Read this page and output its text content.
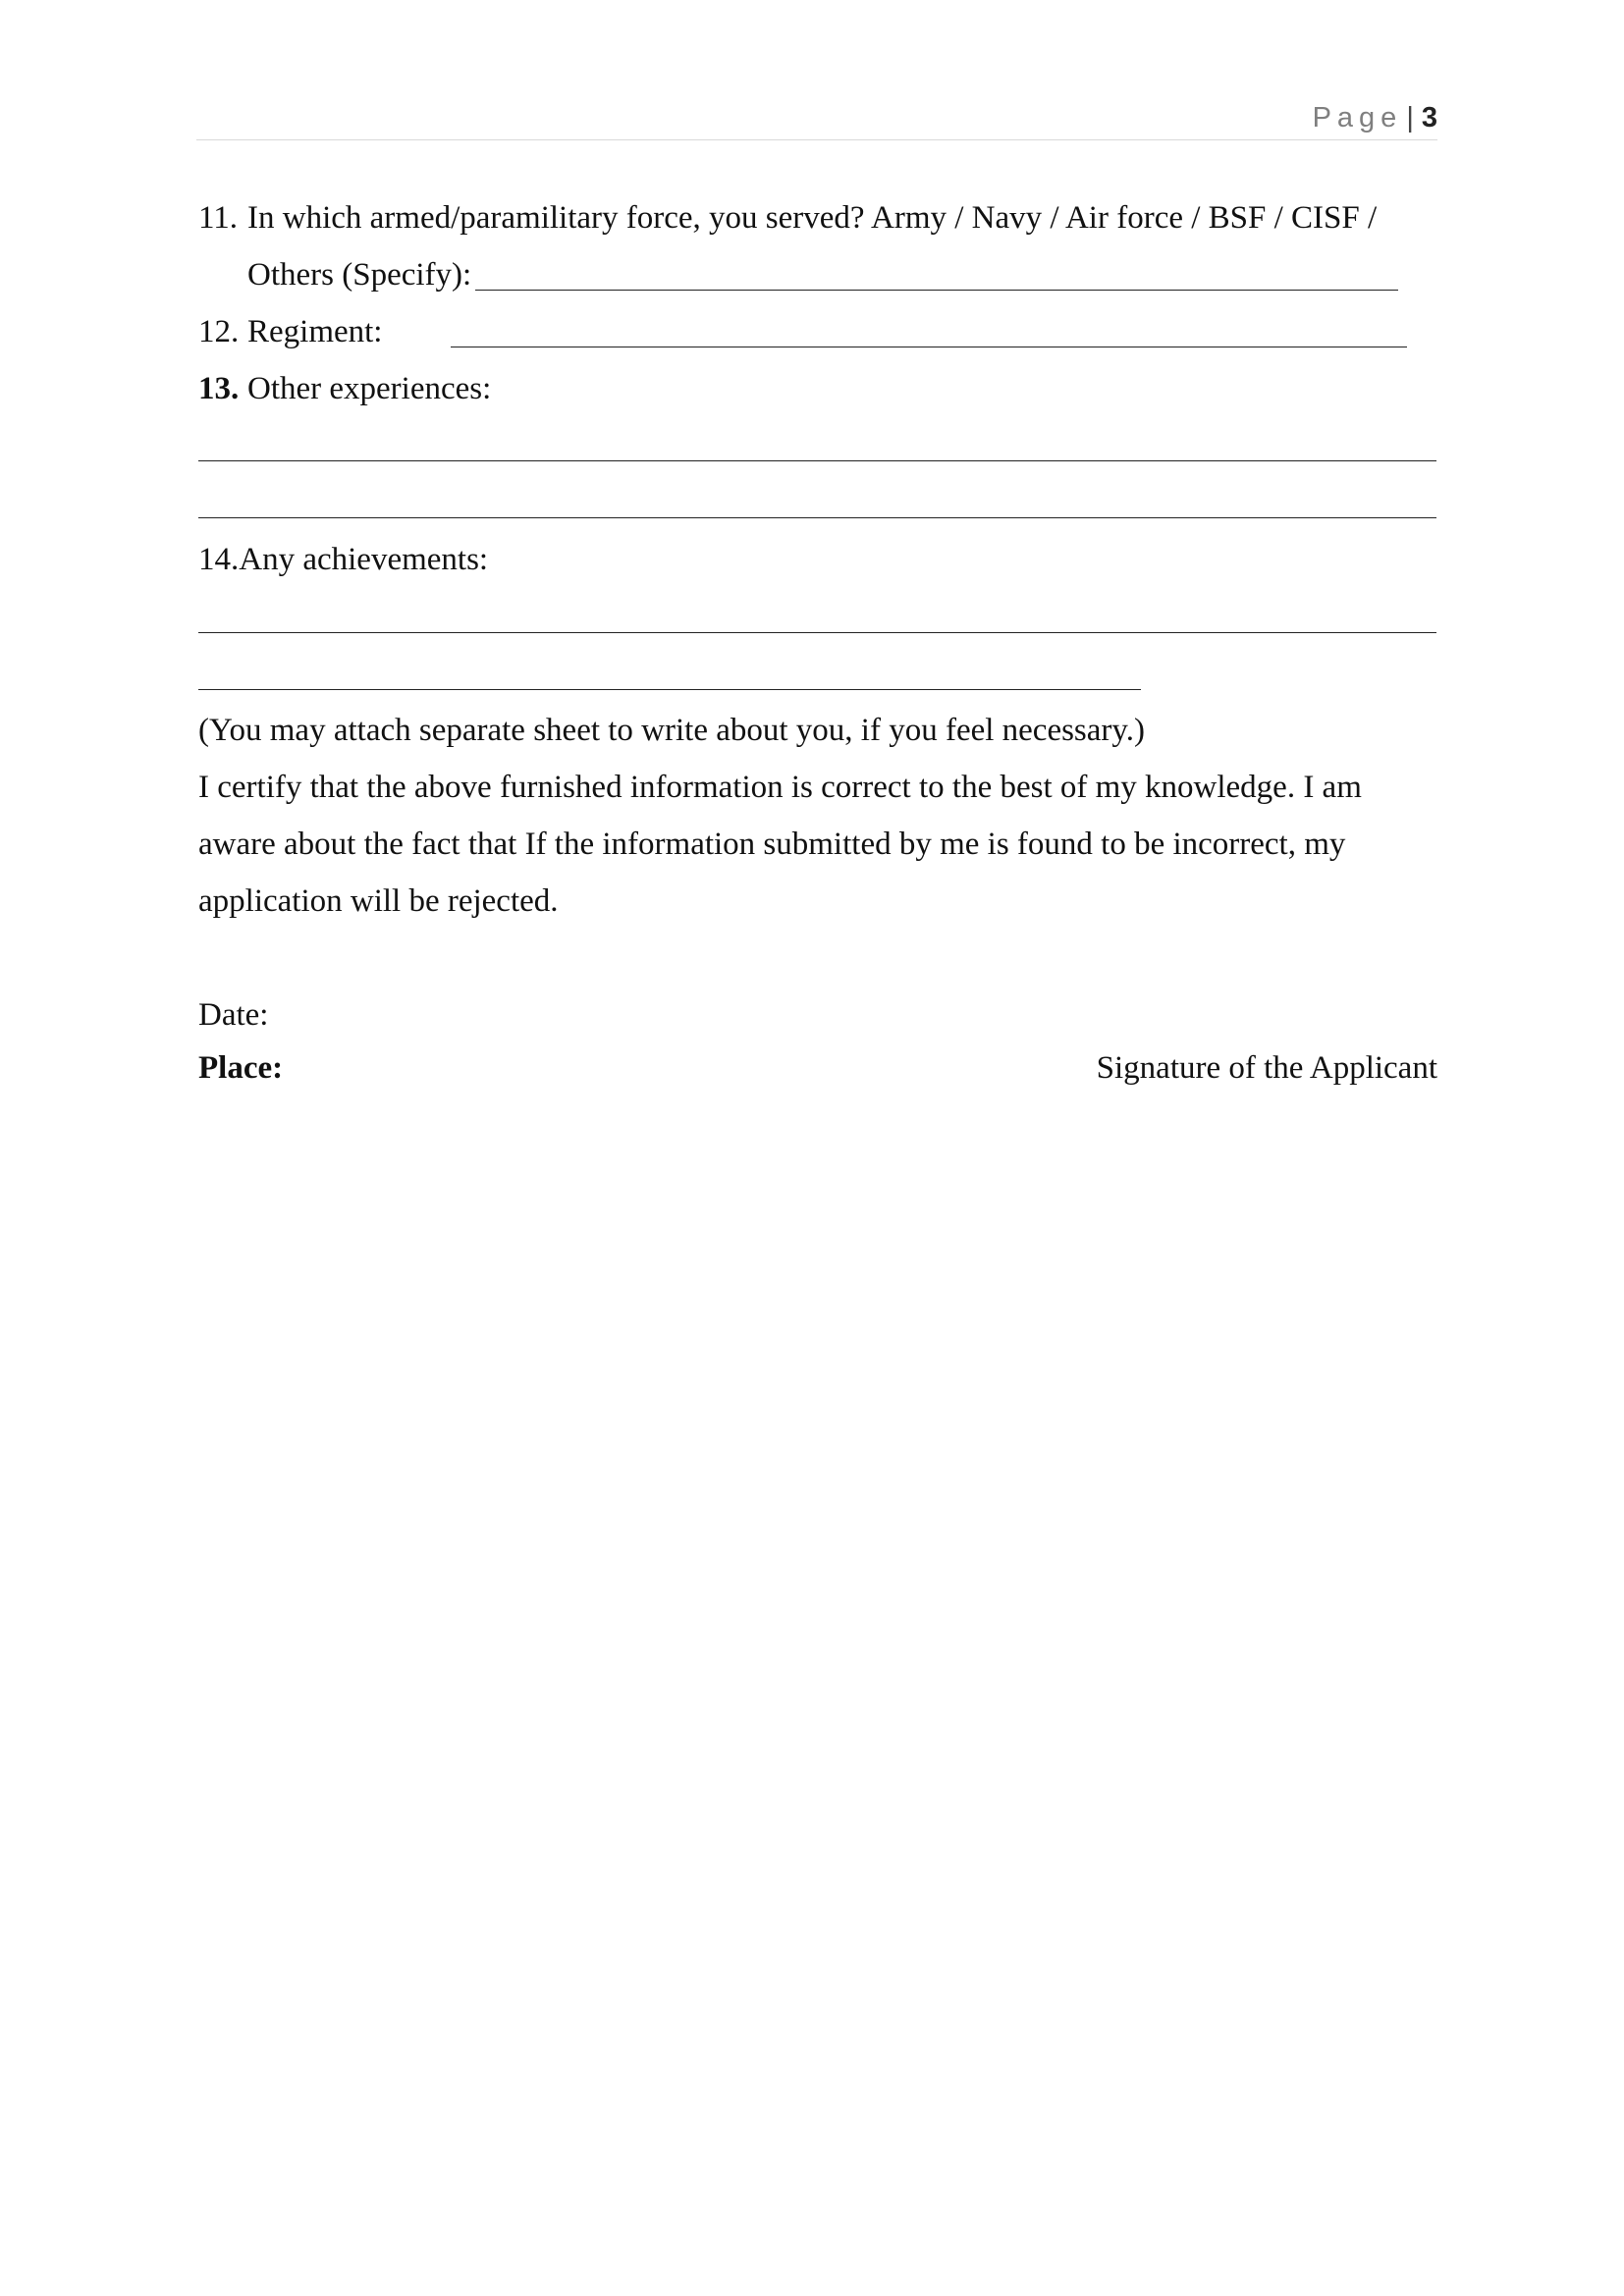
Page | 3
11. In which armed/paramilitary force, you served? Army / Navy / Air force / BSF / CISF /
Others (Specify):
12. Regiment:
13. Other experiences:
14.Any achievements:
(You may attach separate sheet to write about you, if you feel necessary.)
I certify that the above furnished information is correct to the best of my knowledge. I am
aware about the fact that If the information submitted by me is found to be incorrect, my
application will be rejected.
Date:
Place:	Signature of the Applicant
